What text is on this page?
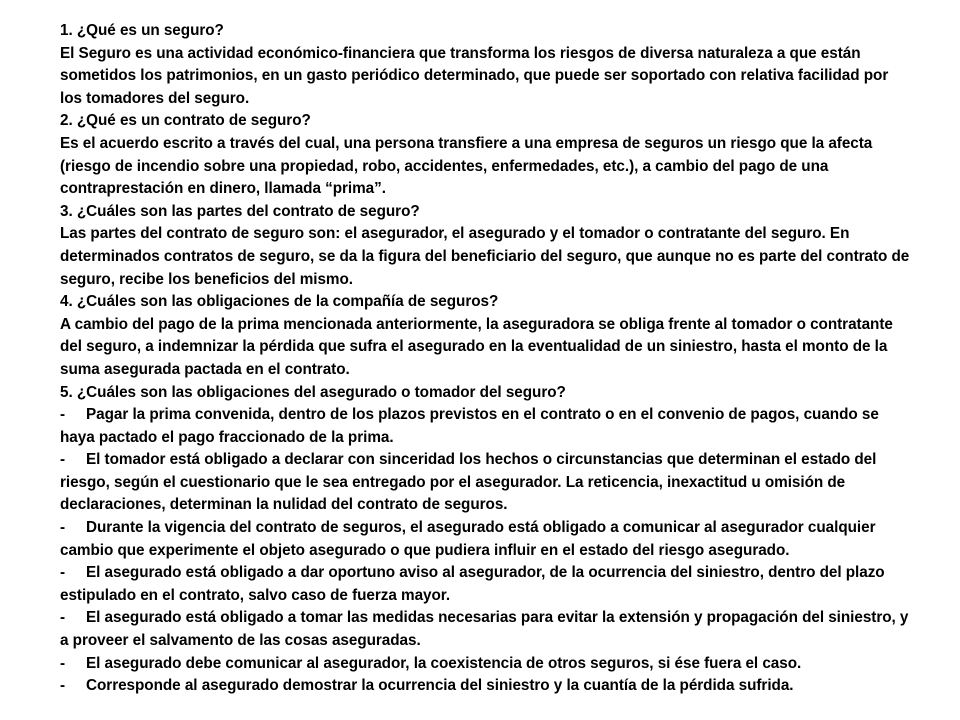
1. ¿Qué es un seguro?

El Seguro es una actividad económico-financiera que transforma los riesgos de diversa naturaleza a que están sometidos los patrimonios, en un gasto periódico determinado, que puede ser soportado con relativa facilidad por los tomadores del seguro.

2. ¿Qué es un contrato de seguro?

Es el acuerdo escrito a través del cual, una persona transfiere a una empresa de seguros un riesgo que la afecta (riesgo de incendio sobre una propiedad, robo, accidentes, enfermedades, etc.), a cambio del pago de una contraprestación en dinero, llamada “prima”.

3. ¿Cuáles son las partes del contrato de seguro?

Las partes del contrato de seguro son: el asegurador, el asegurado y el tomador o contratante del seguro. En determinados contratos de seguro, se da la figura del beneficiario del seguro, que aunque no es parte del contrato de seguro, recibe los beneficios del mismo.

4. ¿Cuáles son las obligaciones de la compañía de seguros?

A cambio del pago de la prima mencionada anteriormente, la aseguradora se obliga frente al tomador o contratante del seguro, a indemnizar la pérdida que sufra el asegurado en la eventualidad de un siniestro, hasta el monto de la suma asegurada pactada en el contrato.

5. ¿Cuáles son las obligaciones del asegurado o tomador del seguro?

- Pagar la prima convenida, dentro de los plazos previstos en el contrato o en el convenio de pagos, cuando se haya pactado el pago fraccionado de la prima.
- El tomador está obligado a declarar con sinceridad los hechos o circunstancias que determinan el estado del riesgo, según el cuestionario que le sea entregado por el asegurador. La reticencia, inexactitud u omisión de declaraciones, determinan la nulidad del contrato de seguros.
- Durante la vigencia del contrato de seguros, el asegurado está obligado a comunicar al asegurador cualquier cambio que experimente el objeto asegurado o que pudiera influir en el estado del riesgo asegurado.
- El asegurado está obligado a dar oportuno aviso al asegurador, de la ocurrencia del siniestro, dentro del plazo estipulado en el contrato, salvo caso de fuerza mayor.
- El asegurado está obligado a tomar las medidas necesarias para evitar la extensión y propagación del siniestro, y a proveer el salvamento de las cosas aseguradas.
- El asegurado debe comunicar al asegurador, la coexistencia de otros seguros, si ése fuera el caso.
- Corresponde al asegurado demostrar la ocurrencia del siniestro y la cuantía de la pérdida sufrida.
